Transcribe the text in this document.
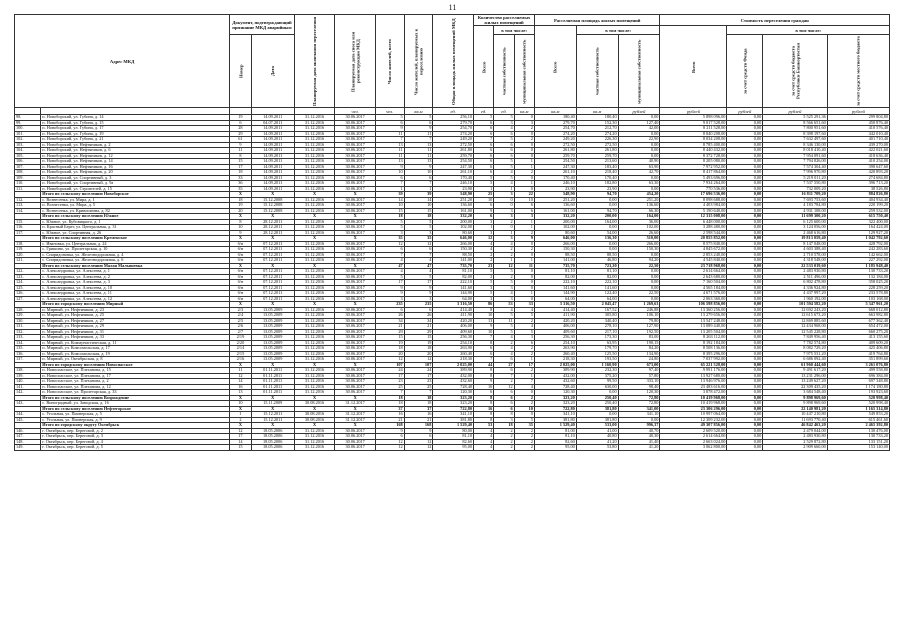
11
Адрес МКД		Документ, подтверждающий признание МКД аварийным		Планируемая дата окончания переселения	Планируемая дата сноса или реконструкции МКД	Число жителей, всего	Число жителей, планируемых к переселению	Общая площадь жилых помещений МКД	Количество расселяемых жилых помещений			Расселяемая площадь жилых помещений			Стоимость переселения граждан			
									Всего	в том числе:		Всего	в том числе:		Всего	в том числе:		
		Номер	Дата							частная собственность	муниципальная собственность		частная собственность	муниципальная собственность		за счет средств Фонда	за счет средств бюджета Республики Башкортостан	за счет средств местного бюджета
					чел.	чел.	кв.м	ед.	ед.	ед.	кв.м	кв.м	кв.м	рублей	рублей	рублей	рублей	рублей
98.	п. Новоборский, ул. Губина, д. 14	19	14.09.2011	31.12.2016	30.06.2017	5	5	256,10	5	5	0	180,40	180,40	0,00	5 898 096,00	0,00	5 525 291,36	299 804,80
99.	п. Новоборский, ул. Губина, д. 15	6	04.07.2011	31.12.2016	30.06.2017	6	6	279,70	6	3	3	279,70	152,30	127,40	9 017 528,00	0,00	8 566 651,60	450 876,40
100.	п. Новоборский, ул. Губина, д. 17	28	14.09.2011	31.12.2016	30.06.2017	9	9	254,70	6	4	2	254,70	212,70	42,00	8 211 528,00	0,00	7 800 951,60	410 576,40
101.	п. Новоборский, ул. Губина, д. 19	29	14.09.2011	31.12.2016	30.06.2017	11	11	274,20	6	6	0	274,20	274,20	0,00	8 840 208,00	0,00	8 398 197,60	442 010,40
102.	п. Новоборский, ул. Губина, д. 21	61	14.09.2011	31.12.2016	30.06.2017	7	7	249,20	7	5	2	249,20	226,30	22,90	8 034 208,00	0,00	7 632 497,60	401 710,40
103.	п. Новоборский, ул. Нефтяников, д. 2	9	14.09.2011	31.12.2016	30.06.2017	13	13	272,50	6	6	0	272,50	272,50	0,00	8 785 400,00	0,00	8 346 130,00	439 270,00
104.	п. Новоборский, ул. Нефтяников, д. 6	11	14.09.2011	31.12.2016	30.06.2017	11	11	261,80	6	6	0	261,80	261,80	0,00	8 440 432,00	0,00	8 018 410,40	422 021,60
105.	п. Новоборский, ул. Нефтяников, д. 12	8	14.09.2011	31.12.2016	30.06.2017	11	11	259,70	6	6	0	259,70	259,70	0,00	8 372 728,00	0,00	7 954 091,60	418 636,40
106.	п. Новоборский, ул. Нефтяников, д. 14	15	14.09.2011	31.12.2016	30.06.2017	13	13	254,50	6	5	1	254,50	213,60	40,90	8 205 080,00	0,00	7 794 826,00	410 254,00
107.	п. Новоборский, ул. Нефтяников, д. 16	17	14.09.2011	31.12.2016	30.06.2017	9	9	247,30	6	5	1	247,30	183,40	63,90	7 972 952,00	0,00	7 574 304,40	398 647,60
108.	п. Новоборский, ул. Нефтяников, д. 20	18	14.09.2011	31.12.2016	30.06.2017	10	10	261,10	6	4	2	261,10	218,40	42,70	8 417 864,00	0,00	7 996 970,80	420 893,20
109.	п. Новоборский, ул. Спортивный, д. 3	33	14.09.2011	31.12.2016	30.06.2017	6	6	170,40	5	5	0	170,40	170,40	0,00	5 493 696,00	0,00	5 219 011,20	274 684,80
110.	п. Новоборский, ул. Спортивный, д. 9а	36	14.09.2011	31.12.2016	30.06.2017	7	7	246,10	5	4	1	246,10	182,80	63,30	7 934 264,00	0,00	7 537 550,80	396 713,20
111.	п. Новоборский, ул. Строителей, д. 15	35	14.09.2011	31.12.2016	30.06.2017	1	1	23,90	1	1	0	23,90	23,90	0,00	770 536,00	0,00	732 009,20	38 526,80
	Итого по сельскому поселению Новоборское	X	X	X	X	39	39	548,90	25	3	22	548,90	94,70	454,20	17 696 536,00	0,00	16 811 709,20	884 826,80
112.	с. Вознесенка, ул. Мира, д. 1	18	15.12.2008	31.12.2016	30.06.2017	14	14	251,20	10	0	10	251,20	0,00	251,20	8 098 688,00	0,00	7 693 753,60	404 934,40
113.	п. Вознесенка, ул. Мира, д. 5	19	15.12.2008	31.12.2016	30.06.2017	10	10	136,60	6	0	6	136,60	0,00	136,60	4 403 984,00	0,00	4 183 784,80	220 199,20
114.	с. Вознесенка, ул. Кривошеина, д. 82	20	15.12.2008	31.12.2016	30.06.2017	15	15	161,00	9	3	6	161,00	94,70	66,30	5 190 640,00	0,00	4 931 108,00	259 532,00
	Итого по сельскому поселению Южное	X	X	X	X	18	18	332,20	6	3	3	332,20	200,00	164,00	12 315 008,00	0,00	11 699 300,20	615 750,40
115.	с. Южное, ул. Кубовицкого, д. 1	8	28.12.2011	31.12.2016	30.06.2017	5	5	200,00	3	2	1	200,00	164,00	36,00	6 448 000,00	0,00	6 125 600,00	322 400,00
116.	п. Красный Берег, ул. Центральная, д. 31	10	28.12.2011	31.12.2016	30.06.2017	5	5	102,00	1	0	1	102,00	0,00	102,00	3 288 480,00	0,00	3 124 056,00	164 424,00
117.	с. Южное, ул. Спортивная, д. 26	9	28.12.2011	31.12.2016	30.06.2017	3	3	80,60	3	1	2	80,60	54,00	26,60	2 598 544,00	0,00	2 468 616,80	129 927,20
	Итого по сельскому поселению Кременское	X	X	X	X	35	35	646,00	12	3	9	646,00	136,30	510,00	20 855 852,00	0,00	19 813 059,40	1 042 792,60
118.	с. Ивановка, ул. Центральная, д. 24	б/н	07.12.2011	31.12.2016	30.06.2017	12	12	266,00	4	4	0	266,00	0,00	266,00	8 575 840,00	0,00	8 147 048,00	428 792,00
119.	с. Гришино, ул. Пролетарская, д. 10	б/н	07.12.2011	31.12.2016	30.06.2017	6	6	150,30	4	2	2	150,30	0,00	150,30	4 845 672,00	0,00	4 603 388,40	242 283,60
120.	с. Спиридоновка, ул. Железнодорожная, д. 4	б/н	07.12.2011	31.12.2016	30.06.2017	7	7	88,50	2	2	0	88,50	88,50	0,00	2 853 240,00	0,00	2 710 578,00	142 662,00
121.	с. Спиридоновка, ул. Железнодорожная, д. 6	б/н	07.12.2011	31.12.2016	30.06.2017	4	4	141,00	2	1	1	141,00	46,80	94,20	4 545 840,00	0,00	4 318 548,00	227 292,00
	Итого по сельскому поселению Малая Малышевка	X	X	X	X	47	47	735,70	23	12	11	735,70	723,20	22,50	23 718 968,00	0,00	22 533 019,60	1 185 948,40
122.	с. Александровка, ул. Алексеева, д. 1	б/н	07.12.2011	31.12.2016	30.06.2017	4	4	81,10	5	5	0	81,10	81,10	0,00	2 614 664,00	0,00	2 483 930,80	130 733,20
123.	с. Александровка, ул. Алексеева, д. 2	б/н	07.12.2011	31.12.2016	30.06.2017	5	5	82,00	2	2	0	82,00	82,00	0,00	2 643 680,00	0,00	2 511 496,00	132 184,00
124.	с. Александровка, ул. Алексеева, д. 3	б/н	07.12.2011	31.12.2016	30.06.2017	17	17	222,10	5	5	0	222,10	222,10	0,00	7 160 504,00	0,00	6 802 478,80	358 025,20
125.	с. Александровка, ул. Алексеева, д. 10	б/н	07.12.2011	31.12.2016	30.06.2017	9	9	141,60	3	3	0	141,60	141,60	0,00	4 565 184,00	0,00	4 336 924,80	228 259,20
126.	с. Александровка, ул. Алексеева, д. 11	б/н	07.12.2011	31.12.2016	30.06.2017	9	9	144,90	5	4	1	144,90	122,40	22,50	4 671 576,00	0,00	4 437 997,20	233 578,80
127.	с. Александровка, ул. Алексеева, д. 12	б/н	07.12.2011	31.12.2016	30.06.2017	3	3	64,00	3	3	0	64,00	64,00	0,00	2 063 360,00	0,00	1 960 192,00	103 168,00
	Итого по городскому поселению Мирный	X	X	X	X	235	235	3 316,50	86	53	33	3 316,50	2 045,47	1 269,63	106 598 856,00	0,00	101 594 582,20	5 347 961,20
128.	п. Мирный, ул. Нефтяников, д. 23	2/3	13.05.2009	31.12.2016	30.06.2017	6	6	414,40	8	4	4	414,40	167,52	246,88	13 360 256,00	0,00	12 692 243,20	668 012,80
129.	п. Мирный, ул. Нефтяников, д. 25	2/4	13.05.2009	31.12.2016	30.06.2017	26	26	411,90	10	5	5	411,90	305,80	106,10	13 279 656,00	0,00	12 615 673,20	663 982,80
130.	п. Мирный, ул. Нефтяников, д. 27	2/5	13.05.2009	31.12.2016	30.06.2017	34	34	420,20	13	11	2	420,20	340,40	79,80	13 547 248,00	0,00	12 869 885,60	677 362,40
131.	п. Мирный, ул. Нефтяников, д. 29	2/6	13.05.2009	31.12.2016	30.06.2017	21	21	406,00	9	5	4	406,00	278,10	127,90	13 089 440,00	0,00	12 434 968,00	654 472,00
132.	п. Мирный, ул. Нефтяников, д. 31	2/7	13.05.2009	31.12.2016	30.06.2017	29	29	409,60	10	5	5	409,60	217,10	192,50	13 205 504,00	0,00	12 545 228,80	660 275,20
133.	п. Мирный, ул. Нефтяников, д. 33	2/19	13.05.2009	31.12.2016	30.06.2017	15	15	256,30	7	4	3	256,30	173,30	83,00	8 263 112,00	0,00	7 849 956,40	413 155,60
134.	п. Мирный, ул. Коммунистическая, д. 11	2/20	13.05.2009	31.12.2016	30.06.2017	19	19	254,10	8	2	6	254,10	63,95	190,15	8 192 184,00	0,00	7 782 574,80	409 609,20
135.	п. Мирный, ул. Комсомольская, д. 17	2/14	13.05.2009	31.12.2016	30.06.2017	18	18	263,90	6	4	2	263,90	179,70	84,20	8 508 136,00	0,00	8 082 729,20	425 406,80
136.	п. Мирный, ул. Комсомольская, д. 19	2/15	13.05.2009	31.12.2016	30.06.2017	20	20	260,40	6	4	2	260,40	125,50	134,90	8 395 296,00	0,00	7 975 531,20	419 764,80
137.	п. Мирный, ул. Октябрьская, д. 8	2/16	13.05.2009	31.12.2016	30.06.2017	12	12	218,30	7	6	1	218,30	193,50	24,80	7 037 992,00	0,00	6 686 092,40	351 899,60
	Итого по городскому поселению Новоспасское	X	X	X	X	107	107	2 025,00	44	27	17	2 025,00	1 160,90	673,00	65 221 528,00	0,00	61 960 444,60	3 261 076,80
138.	п. Новоспасское, ул. Плеханова, д. 15	11	01.11.2011	31.12.2016	30.06.2017	24	24	389,90	8	6	2	389,90	232,30	97,40	9 991 176,00	0,00	9 491 617,20	499 558,80
139.	п. Новоспасское, ул. Плеханова, д. 17	12	01.11.2011	31.12.2016	30.06.2017	17	17	432,00	8	7	1	432,00	375,20	57,80	13 927 680,00	0,00	13 231 296,00	696 384,00
140.	п. Новоспасское, ул. Плеханова, д. 2	14	01.11.2011	31.12.2016	30.06.2017	23	23	432,60	9	2	7	432,60	99,50	333,10	13 946 976,00	0,00	13 249 627,20	697 348,80
141.	п. Новоспасское, ул. Плеханова, д. 12	16	01.11.2011	31.12.2016	30.06.2017	25	25	728,40	16	12	4	728,40	630,00	98,40	23 483 616,00	0,00	22 309 435,20	1 174 180,80
142.	п. Новоспасское, ул. Пролетарская, д. 33	13	01.11.2011	31.12.2016	30.06.2017	7	7	120,30	6	6	0	120,30	0,00	120,30	3 878 472,00	0,00	3 684 548,40	193 923,60
	Итого по сельскому поселению Возрождение	X	X	X	X	18	18	323,20	8	6	2	323,20	250,40	72,80	10 419 968,00	0,00	9 898 969,60	520 998,40
143.	с. Виноградный, ул. Заводская, д. 16	10	15.11.2009	30.08.2016	31.12.2017	18	18	323,20	8	6	2	323,20	250,40	72,80	10 419 968,00	0,00	9 898 969,60	520 998,40
	Итого по сельскому поселению Нефтегорское	X	X	X	X	37	37	722,80	16	6	10	722,80	381,80	341,00	23 306 296,00	0,00	22 140 981,20	1 165 314,80
144.	с. Угольная, ул. Пионерская, д. 5	1	15.12.2011	30.08.2016	31.12.2017	16	16	341,10	8	8	0	341,10	0,00	341,10	10 997 064,00	0,00	10 447 210,80	549 853,20
145.	с. Угольная, ул. Пионерская, д. 9	2	15.12.2011	30.08.2016	31.12.2017	21	21	381,80	8	3	5	381,80	381,80	0,00	12 309 232,00	0,00	11 693 770,40	615 461,60
	Итого по городскому округу Октябрьск	X	X	X	X	168	168	1 529,40	53	18	35	1 529,40	533,00	996,37	49 307 856,00	0,00	46 842 463,20	2 465 392,80
146.	г. Октябрьск, пер. Береговой, д. 2	12	18.05.2006	31.12.2016	30.06.2017	9	9	80,00	4	2	2	81,00	41,00	40,70	2 609 520,00	0,00	2 479 044,00	130 476,00
147.	г. Октябрьск, пер. Береговой, д. 3	17	18.05.2006	31.12.2016	30.06.2017	6	6	81,10	4	2	2	81,10	40,80	40,30	2 614 664,00	0,00	2 483 930,80	130 733,20
148.	г. Октябрьск, пер. Береговой, д. 4	14	18.05.2006	31.12.2016	30.06.2017	12	12	82,60	4	2	2	82,60	41,20	41,40	2 663 024,00	0,00	2 529 872,80	133 151,20
149.	г. Октябрьск, пер. Береговой, д. 5	15	18.05.2006	31.12.2016	30.06.2017	12	12	95,00	4	2	2	95,00	53,80	41,20	3 062 800,00	0,00	2 909 660,00	153 140,00
